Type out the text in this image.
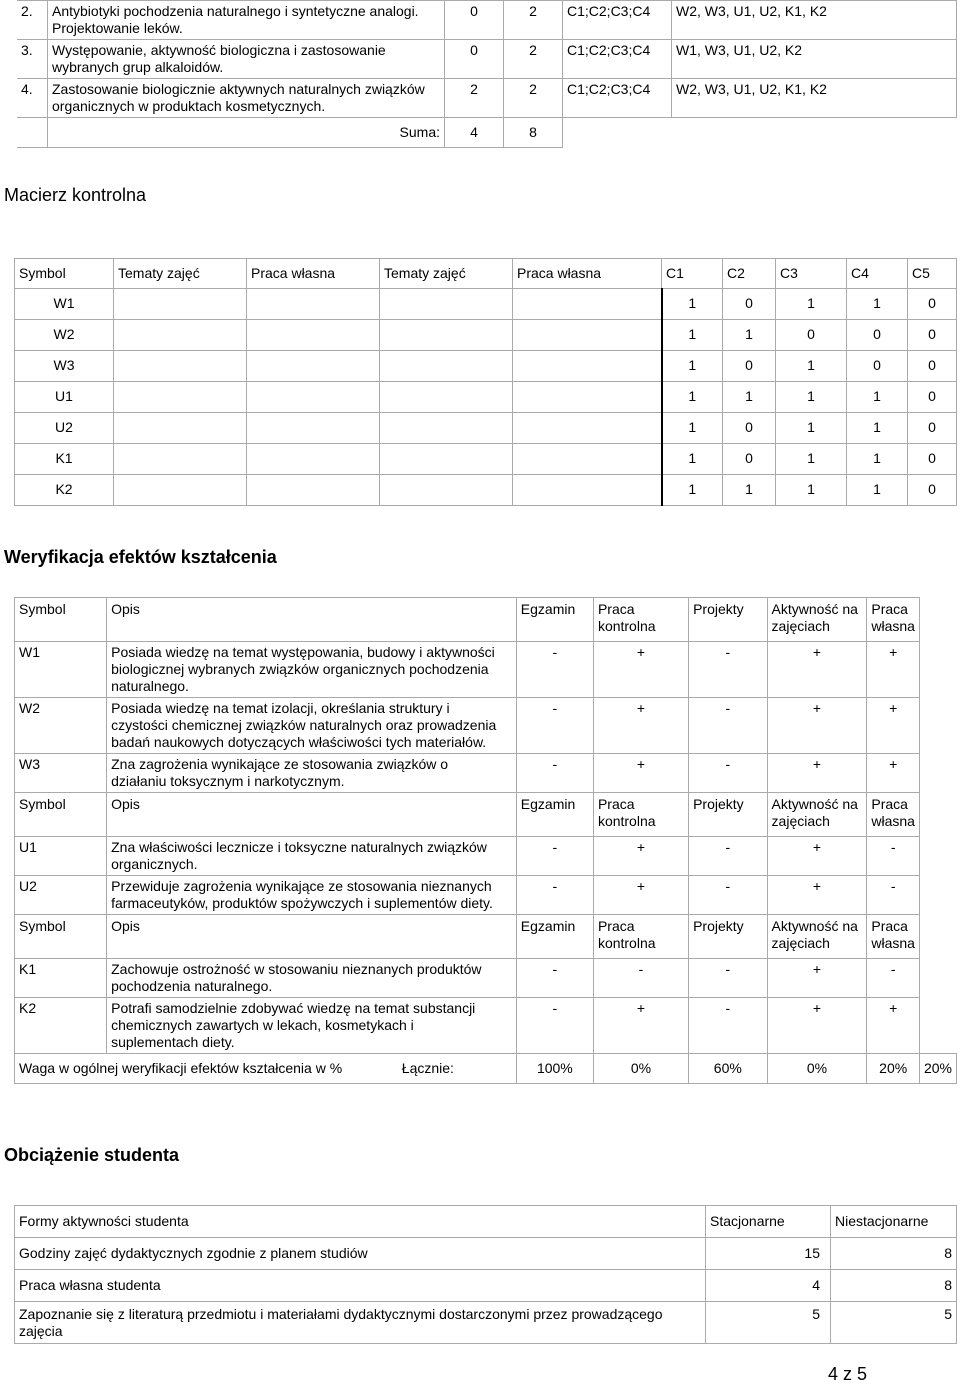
2.	Antybiotyki pochodzenia naturalnego i syntetyczne analogi. Projektowanie leków.	0	2	C1;C2;C3;C4	W2, W3, U1, U2, K1, K2
3.	Występowanie, aktywność biologiczna i zastosowanie wybranych grup alkaloidów.	0	2	C1;C2;C3;C4	W1, W3, U1, U2, K2
4.	Zastosowanie biologicznie aktywnych naturalnych związków organicznych w produktach kosmetycznych.	2	2	C1;C2;C3;C4	W2, W3, U1, U2, K1, K2
	Suma:	4	8		
Macierz kontrolna
Symbol	Tematy zajęć	Praca własna	Tematy zajęć	Praca własna	C1	C2	C3	C4	C5
W1					1	0	1	1	0
W2					1	1	0	0	0
W3					1	0	1	0	0
U1					1	1	1	1	0
U2					1	0	1	1	0
K1					1	0	1	1	0
K2					1	1	1	1	0
Weryfikacja efektów kształcenia
Symbol	Opis	Egzamin	Praca kontrolna	Projekty	Aktywność na zajęciach	Praca własna	
W1	Posiada wiedzę na temat występowania, budowy i aktywności biologicznej wybranych związków organicznych pochodzenia naturalnego.	-	+	-	+	+	
W2	Posiada wiedzę na temat izolacji, określania struktury i czystości chemicznej związków naturalnych oraz prowadzenia badań naukowych dotyczących właściwości tych materiałów.	-	+	-	+	+	
W3	Zna zagrożenia wynikające ze stosowania związków o działaniu toksycznym i narkotycznym.	-	+	-	+	+	
Symbol	Opis	Egzamin	Praca kontrolna	Projekty	Aktywność na zajęciach	Praca własna	
U1	Zna właściwości lecznicze i toksyczne naturalnych związków organicznych.	-	+	-	+	-	
U2	Przewiduje zagrożenia wynikające ze stosowania nieznanych farmaceutyków, produktów spożywczych i suplementów diety.	-	+	-	+	-	
Symbol	Opis	Egzamin	Praca kontrolna	Projekty	Aktywność na zajęciach	Praca własna	
K1	Zachowuje ostrożność w stosowaniu nieznanych produktów pochodzenia naturalnego.	-	-	-	+	-	
K2	Potrafi samodzielnie zdobywać wiedzę na temat substancji chemicznych zawartych w lekach, kosmetykach i suplementach diety.	-	+	-	+	+	
Waga w ogólnej weryfikacji efektów kształcenia w % Łącznie:		100%	0%	60%	0%	20%	20%
Obciążenie studenta
Formy aktywności studenta	Stacjonarne	Niestacjonarne
Godziny zajęć dydaktycznych zgodnie z planem studiów	15	8
Praca własna studenta	4	8
Zapoznanie się z literaturą przedmiotu i materiałami dydaktycznymi dostarczonymi przez prowadzącego zajęcia	5	5
4 z 5
